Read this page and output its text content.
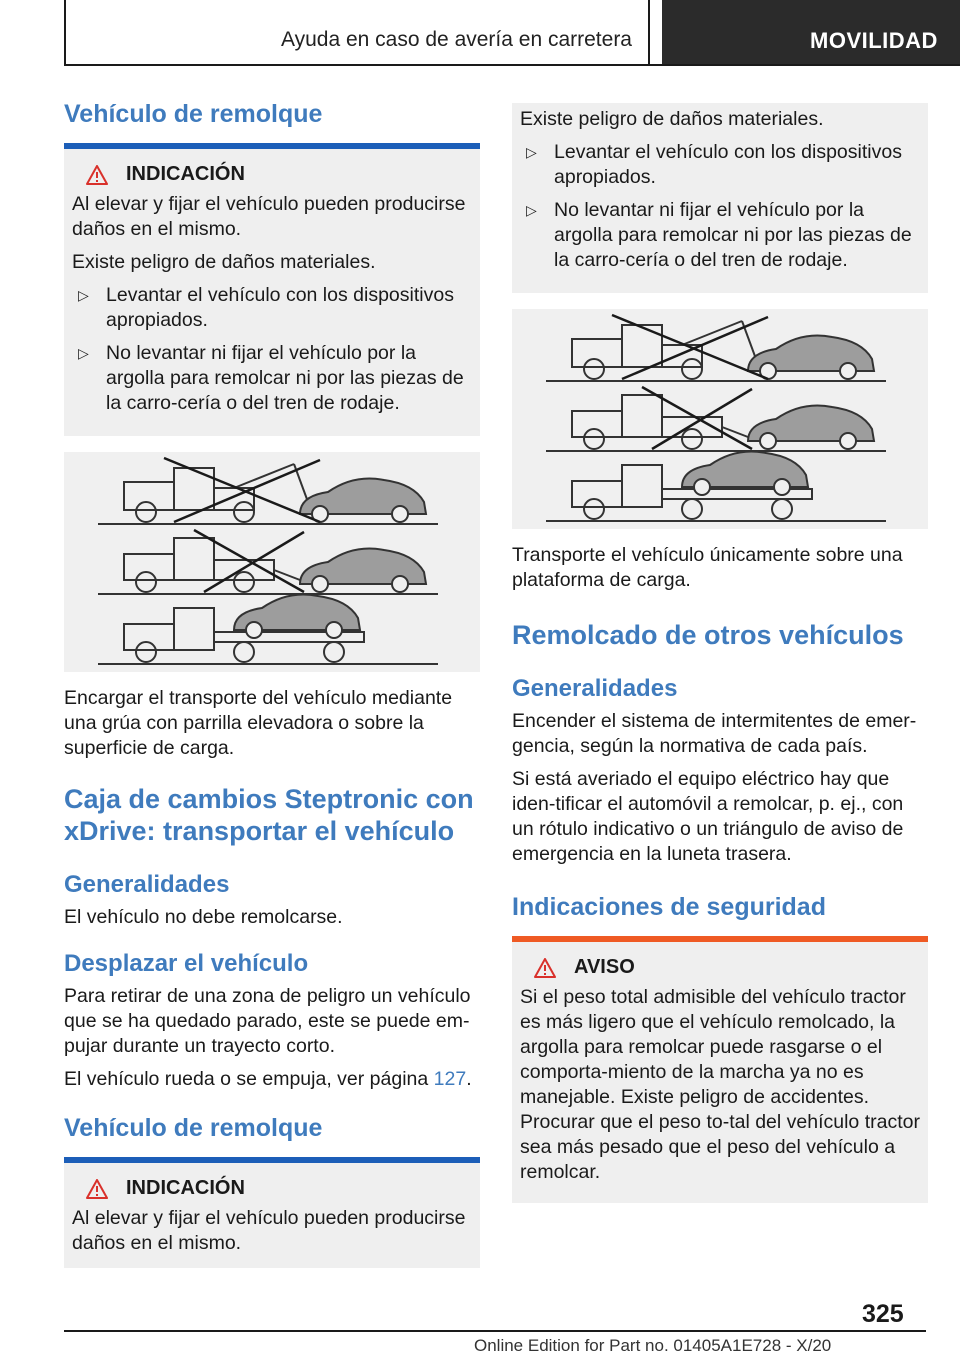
Ayuda en caso de avería en carretera	MOVILIDAD
Vehículo de remolque
INDICACIÓN

Al elevar y fijar el vehículo pueden producirse daños en el mismo.

Existe peligro de daños materiales.

▷ Levantar el vehículo con los dispositivos apropiados.
▷ No levantar ni fijar el vehículo por la argolla para remolcar ni por las piezas de la carro-cería o del tren de rodaje.

Encargar el transporte del vehículo mediante una grúa con parrilla elevadora o sobre la superficie de carga.

Caja de cambios Steptronic con xDrive: transportar el vehículo
Generalidades

El vehículo no debe remolcarse.

Desplazar el vehículo

Para retirar de una zona de peligro un vehículo que se ha quedado parado, este se puede em-pujar durante un trayecto corto.

El vehículo rueda o se empuja, ver página 127.

Vehículo de remolque
INDICACIÓN

Al elevar y fijar el vehículo pueden producirse daños en el mismo.

Existe peligro de daños materiales.

▷ Levantar el vehículo con los dispositivos apropiados.
▷ No levantar ni fijar el vehículo por la argolla para remolcar ni por las piezas de la carro-cería o del tren de rodaje.

Transporte el vehículo únicamente sobre una plataforma de carga.

Remolcado de otros vehículos
Generalidades

Encender el sistema de intermitentes de emer-gencia, según la normativa de cada país.

Si está averiado el equipo eléctrico hay que iden-tificar el automóvil a remolcar, p. ej., con un rótulo indicativo o un triángulo de aviso de emergencia en la luneta trasera.

Indicaciones de seguridad
AVISO

Si el peso total admisible del vehículo tractor es más ligero que el vehículo remolcado, la argolla para remolcar puede rasgarse o el comporta-miento de la marcha ya no es manejable. Existe peligro de accidentes. Procurar que el peso to-tal del vehículo tractor sea más pesado que el peso del vehículo a remolcar.

325
Online Edition for Part no. 01405A1E728 - X/20
